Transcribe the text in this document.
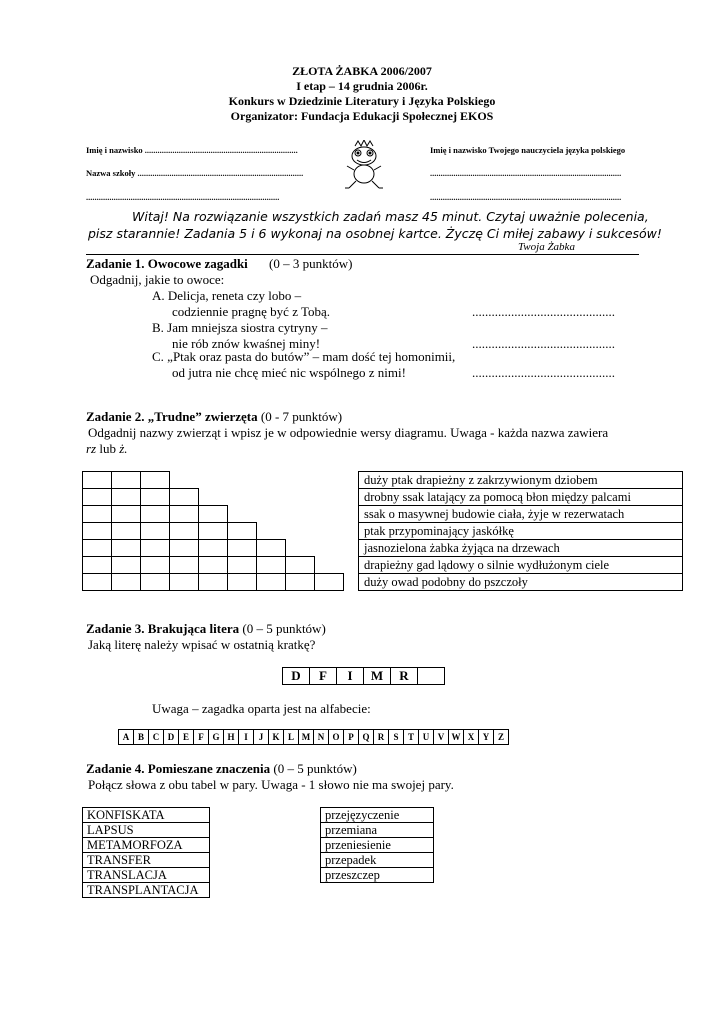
ZŁOTA ŻABKA 2006/2007
I etap – 14 grudnia 2006r.
Konkurs w Dziedzinie Literatury i Języka Polskiego
Organizator: Fundacja Edukacji Społecznej EKOS
Imię i nazwisko ........................................................................	Imię i nazwisko Twojego nauczyciela języka polskiego
Nazwa szkoły ..............................................................................	..........................................................................................
...........................................................................................	..........................................................................................
Witaj! Na rozwiązanie wszystkich zadań masz 45 minut. Czytaj uważnie polecenia,
pisz starannie! Zadania 5 i 6 wykonaj na osobnej kartce. Życzę Ci miłej zabawy i sukcesów!
Twoja Żabka
Zadanie 1. Owocowe zagadki (0 – 3 punktów)
Odgadnij, jakie to owoce:
A. Delicja, reneta czy lobo –
codziennie pragnę być z Tobą.	............................................
B. Jam mniejsza siostra cytryny –
nie rób znów kwaśnej miny!	............................................
C. „Ptak oraz pasta do butów” – mam dość tej homonimii,
od jutra nie chcę mieć nic wspólnego z nimi!	............................................
Zadanie 2. „Trudne” zwierzęta (0 - 7 punktów)
Odgadnij nazwy zwierząt i wpisz je w odpowiednie wersy diagramu. Uwaga - każda nazwa zawiera
rz lub ż.

duży ptak drapieżny z zakrzywionym dziobem
drobny ssak latający za pomocą błon między palcami
ssak o masywnej budowie ciała, żyje w rezerwatach
ptak przypominający jaskółkę
jasnozielona żabka żyjąca na drzewach
drapieżny gad lądowy o silnie wydłużonym ciele
duży owad podobny do pszczoły
Zadanie 3. Brakująca litera (0 – 5 punktów)
Jaką literę należy wpisać w ostatnią kratkę?
D	F	I	M	R	
Uwaga – zagadka oparta jest na alfabecie:
A	B	C	D	E	F	G	H	I	J	K	L	M	N	O	P	Q	R	S	T	U	V	W	X	Y	Z
Zadanie 4. Pomieszane znaczenia (0 – 5 punktów)
Połącz słowa z obu tabel w pary. Uwaga - 1 słowo nie ma swojej pary.
KONFISKATA
LAPSUS
METAMORFOZA
TRANSFER
TRANSLACJA
TRANSPLANTACJA
przejęzyczenie
przemiana
przeniesienie
przepadek
przeszczep
